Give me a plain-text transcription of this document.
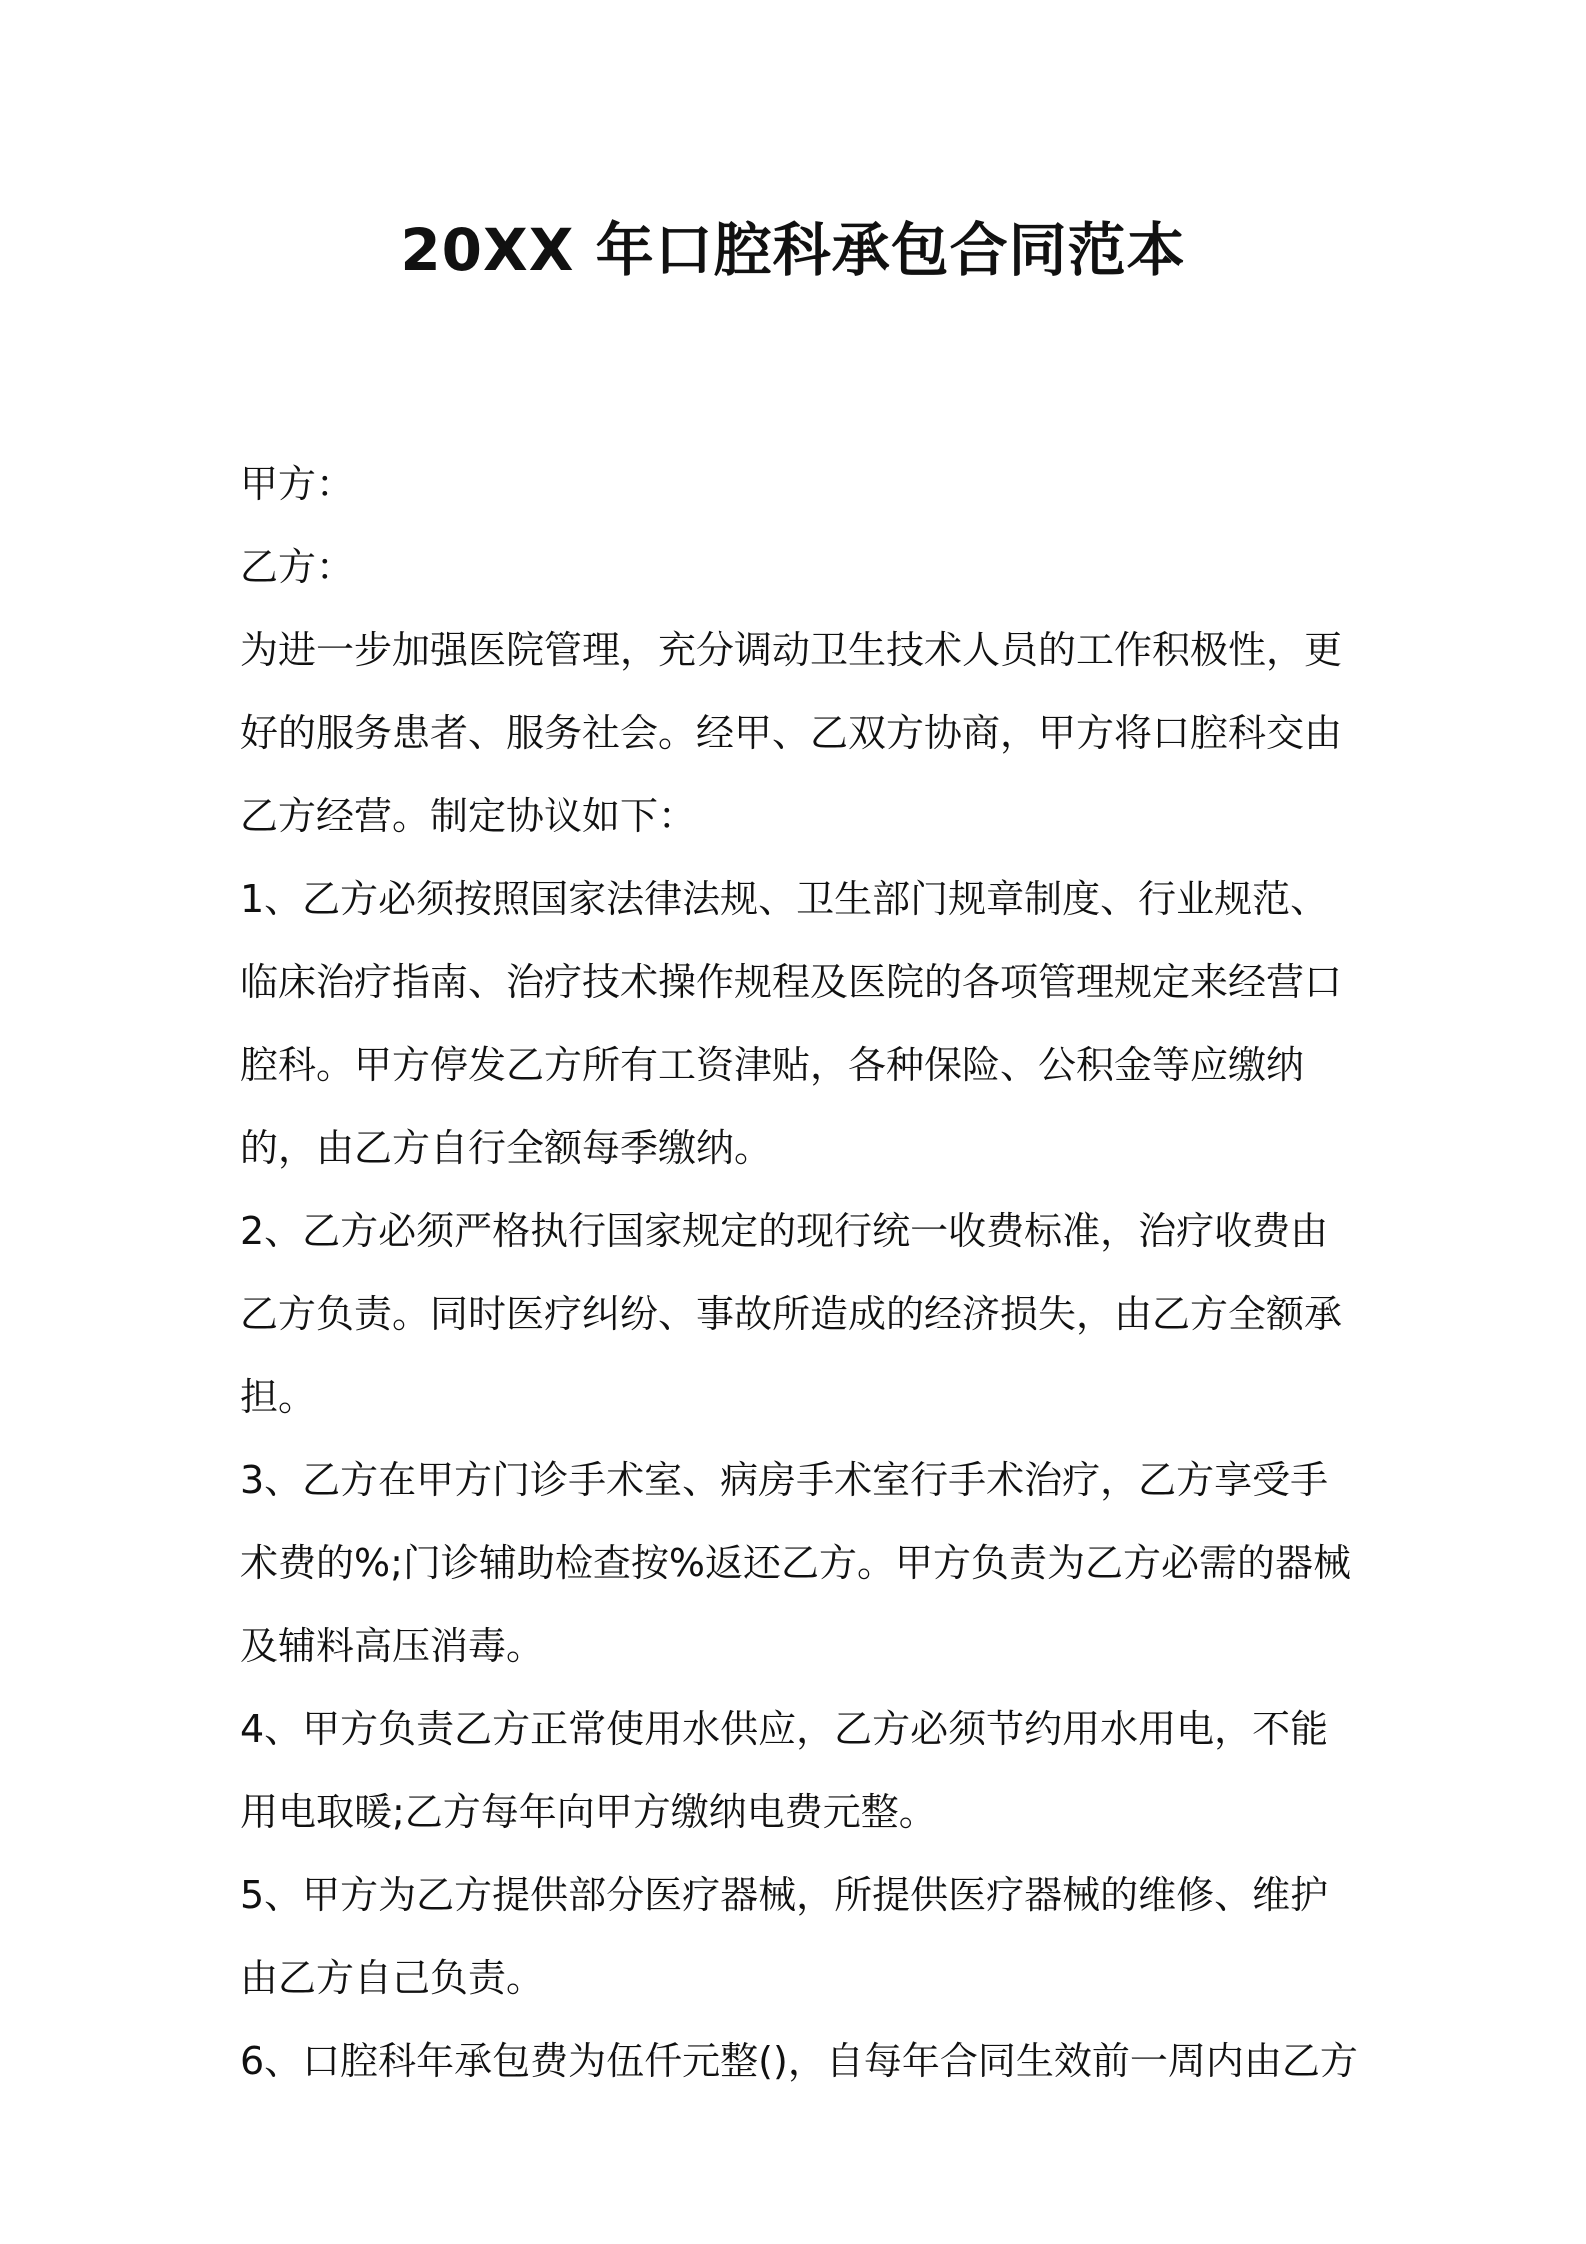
20XX 年口腔科承包合同范本

甲方：

乙方：

为进一步加强医院管理，充分调动卫生技术人员的工作积极性，更好的服务患者、服务社会。经甲、乙双方协商，甲方将口腔科交由乙方经营。制定协议如下：

1、乙方必须按照国家法律法规、卫生部门规章制度、行业规范、临床治疗指南、治疗技术操作规程及医院的各项管理规定来经营口腔科。甲方停发乙方所有工资津贴，各种保险、公积金等应缴纳的，由乙方自行全额每季缴纳。

2、乙方必须严格执行国家规定的现行统一收费标准，治疗收费由乙方负责。同时医疗纠纷、事故所造成的经济损失，由乙方全额承担。

3、乙方在甲方门诊手术室、病房手术室行手术治疗，乙方享受手术费的%;门诊辅助检查按%返还乙方。甲方负责为乙方必需的器械及辅料高压消毒。

4、甲方负责乙方正常使用水供应，乙方必须节约用水用电，不能用电取暖;乙方每年向甲方缴纳电费元整。

5、甲方为乙方提供部分医疗器械，所提供医疗器械的维修、维护由乙方自己负责。

6、口腔科年承包费为伍仟元整()，自每年合同生效前一周内由乙方
